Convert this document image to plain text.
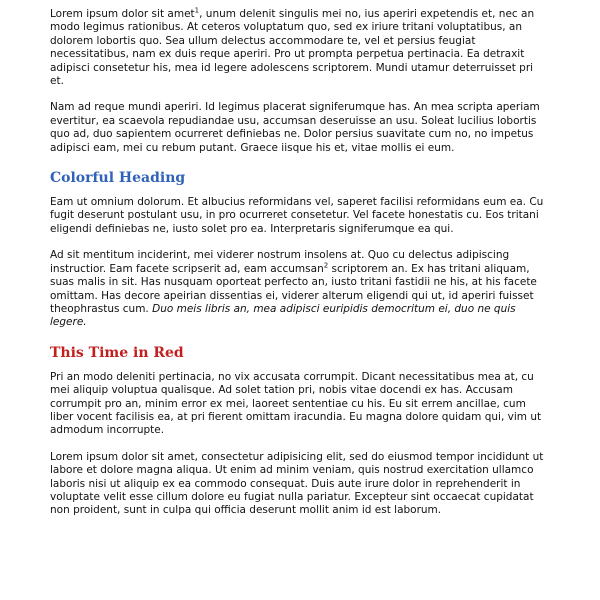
Lorem ipsum dolor sit amet$^1$, unum delenit singulis mei no, ius aperiri expetendis et, nec an modo legimus rationibus. At ceteros voluptatum quo, sed ex iriure tritani voluptatibus, an dolorem lobortis quo. Sea ullum delectus accommodare te, vel et persius feugiat necessitatibus, nam ex duis reque aperiri. Pro ut prompta perpetua pertinacia. Ea detraxit adipisci consetetur his, mea id legere adolescens scriptorem. Mundi utamur deterruisset pri et.

Nam ad reque mundi aperiri. Id legimus placerat signiferumque has. An mea scripta aperiam evertitur, ea scaevola repudiandae usu, accumsan deseruisse an usu. Soleat lucilius lobortis quo ad, duo sapientem ocurreret definiebas ne. Dolor persius suavitate cum no, no impetus adipisci eam, mei cu rebum putant. Graece iisque his et, vitae mollis ei eum.

Colorful Heading

Eam ut omnium dolorum. Et albucius reformidans vel, saperet facilisi reformidans eum ea. Cu fugit deserunt postulant usu, in pro ocurreret consetetur. Vel facete honestatis cu. Eos tritani eligendi definiebas ne, iusto solet pro ea. Interpretaris signiferumque ea qui.

Ad sit mentitum inciderint, mei viderer nostrum insolens at. Quo cu delectus adipiscing instructior. Eam facete scripserit ad, eam accumsan$^2$ scriptorem an. Ex has tritani aliquam, suas malis in sit. Has nusquam oporteat perfecto an, iusto tritani fastidii ne his, at his facete omittam. Has decore apeirian dissentias ei, viderer alterum eligendi qui ut, id aperiri fuisset theophrastus cum. Duo meis libris an, mea adipisci euripidis democritum ei, duo ne quis legere.

This Time in Red

Pri an modo deleniti pertinacia, no vix accusata corrumpit. Dicant necessitatibus mea at, cu mei aliquip voluptua qualisque. Ad solet tation pri, nobis vitae docendi ex has. Accusam corrumpit pro an, minim error ex mei, laoreet sententiae cu his. Eu sit errem ancillae, cum liber vocent facilisis ea, at pri fierent omittam iracundia. Eu magna dolore quidam qui, vim ut admodum incorrupte.

Lorem ipsum dolor sit amet, consectetur adipisicing elit, sed do eiusmod tempor incididunt ut labore et dolore magna aliqua. Ut enim ad minim veniam, quis nostrud exercitation ullamco laboris nisi ut aliquip ex ea commodo consequat. Duis aute irure dolor in reprehenderit in voluptate velit esse cillum dolore eu fugiat nulla pariatur. Excepteur sint occaecat cupidatat non proident, sunt in culpa qui officia deserunt mollit anim id est laborum.
